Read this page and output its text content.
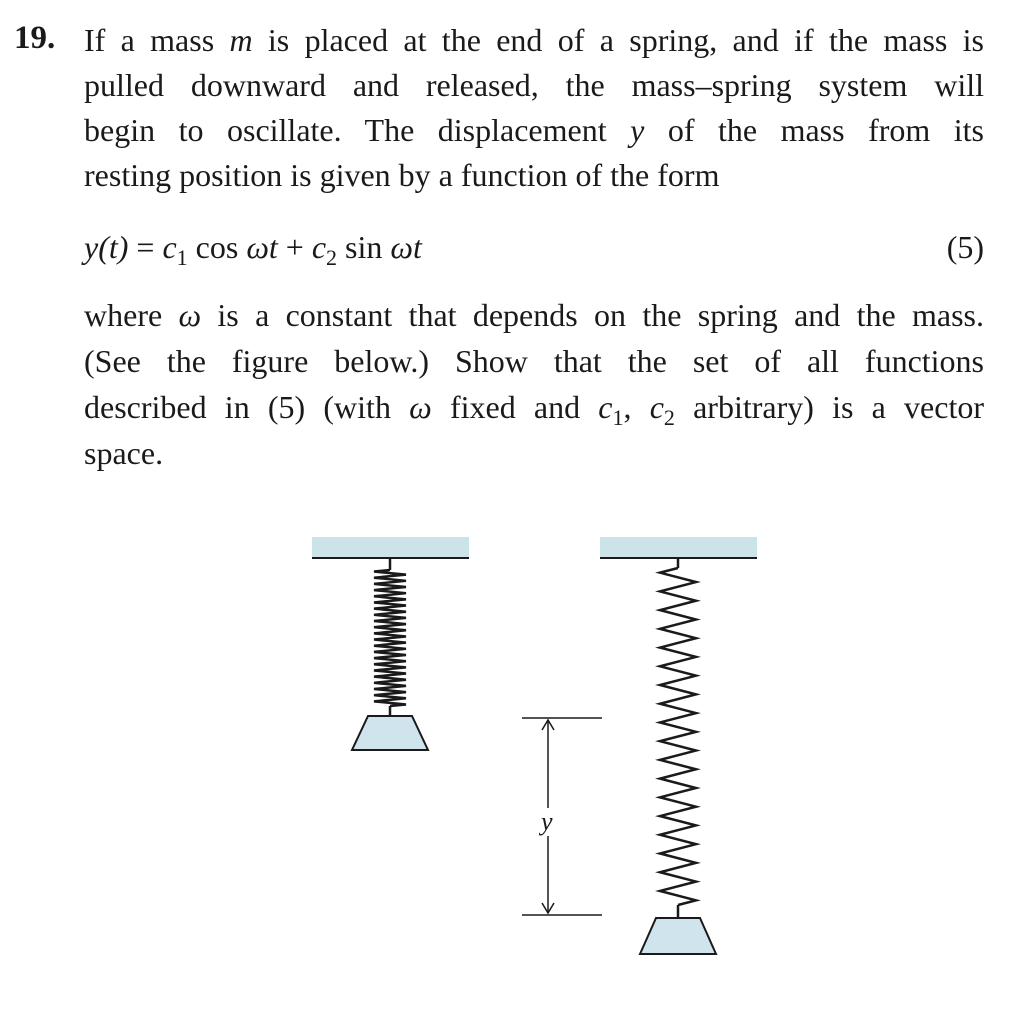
19. If a mass m is placed at the end of a spring, and if the mass is
pulled downward and released, the mass–spring system will
begin to oscillate. The displacement y of the mass from its
resting position is given by a function of the form
$y(t) = c_1$ $\cos \omega t + c_2$ sin ωt	(5)
where ω is a constant that depends on the spring and the mass.
(See the figure below.) Show that the set of all functions
described in (5) (with ω fixed and $c_1$, $c_2$ arbitrary) is a vector
space.
y
